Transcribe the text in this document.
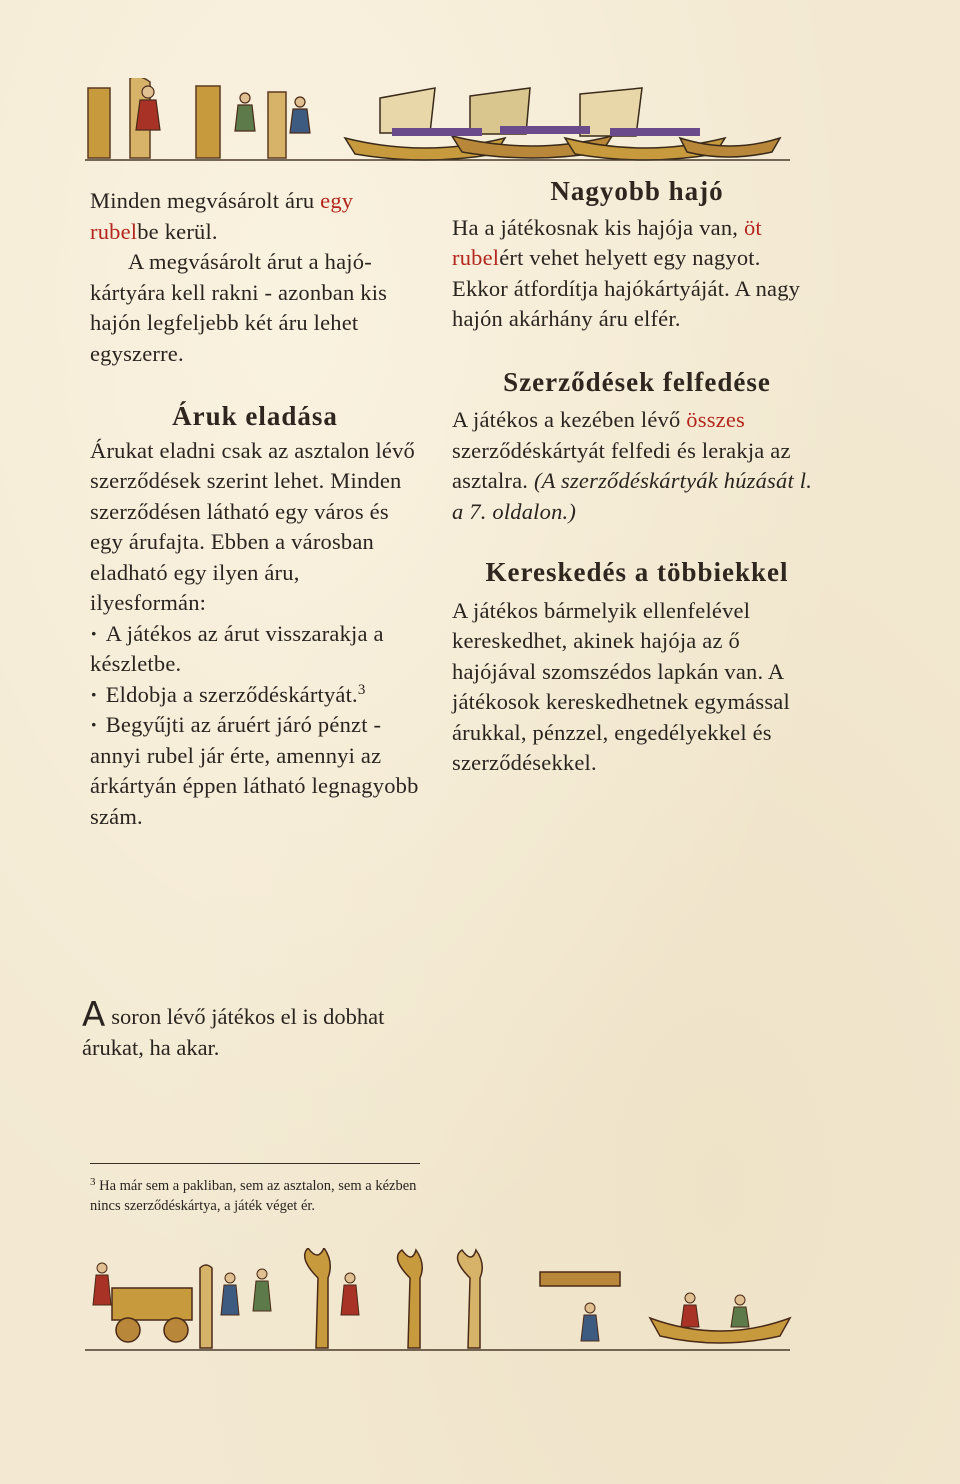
Minden megvásárolt áru egy rubelbe kerül.

A megvásárolt árut a hajókártyára kell rakni - azonban kis hajón legfeljebb két áru lehet egyszerre.

Áruk eladása

Árukat eladni csak az asztalon lévő szerződések szerint lehet. Minden szerződésen látható egy város és egy árufajta. Ebben a városban eladható egy ilyen áru, ilyesformán:

· A játékos az árut visszarakja a készletbe.

· Eldobja a szerződéskártyát.$^3$

· Begyűjti az áruért járó pénzt - annyi rubel jár érte, amennyi az árkártyán éppen látható legnagyobb szám.

Nagyobb hajó

Ha a játékosnak kis hajója van, öt rubelért vehet helyett egy nagyot. Ekkor átfordítja hajókártyáját. A nagy hajón akárhány áru elfér.

Szerződések felfedése

A játékos a kezében lévő összes szerződéskártyát felfedi és lerakja az asztalra. (A szerződéskártyák húzását l. a 7. oldalon.)

Kereskedés a többiekkel

A játékos bármelyik ellenfelével kereskedhet, akinek hajója az ő hajójával szomszédos lapkán van. A játékosok kereskedhetnek egymással árukkal, pénzzel, engedélyekkel és szerződésekkel.

Asoron lévő játékos el is dobhat árukat, ha akar.
$^3$ Ha már sem a pakliban, sem az asztalon, sem a kézben nincs szerződéskártya, a játék véget ér.
